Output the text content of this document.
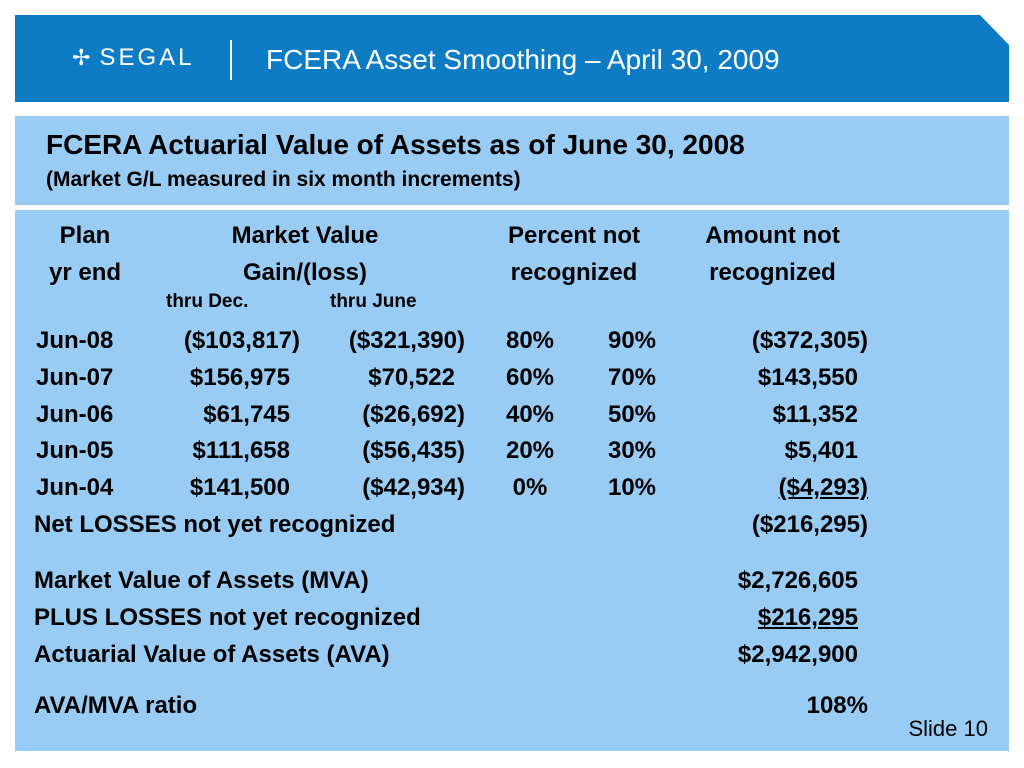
✢ SEGAL	FCERA Asset Smoothing – April 30, 2009
FCERA Actuarial Value of Assets as of June 30, 2008
(Market G/L measured in six month increments)
Plan
yr end
Market Value
Gain/(loss)
thru Dec.	thru June
Percent not
recognized
Amount not
recognized
Jun-08	($103,817)	($321,390)	80%	90%	($372,305)
Jun-07	$156,975	$70,522	60%	70%	$143,550
Jun-06	$61,745	($26,692)	40%	50%	$11,352
Jun-05	$111,658	($56,435)	20%	30%	$5,401
Jun-04	$141,500	($42,934)	0%	10%	($4,293)
Net LOSSES not yet recognized	($216,295)
Market Value of Assets (MVA)	$2,726,605
PLUS LOSSES not yet recognized	$216,295
Actuarial Value of Assets (AVA)	$2,942,900
AVA/MVA ratio	108%
Slide 10
